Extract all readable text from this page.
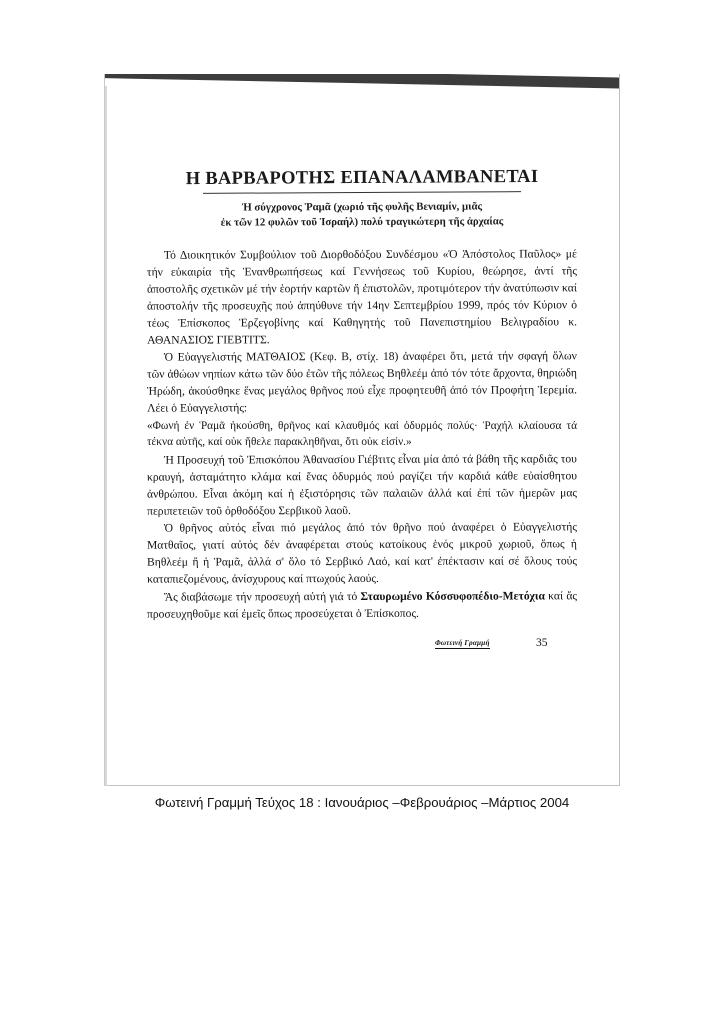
Η ΒΑΡΒΑΡΟΤΗΣ ΕΠΑΝΑΛΑΜΒΑΝΕΤΑΙ
Ἡ σύγχρονος Ῥαμᾶ (χωριό τῆς φυλῆς Βενιαμίν, μιᾶς
ἐκ τῶν 12 φυλῶν τοῦ Ἰσραήλ) πολύ τραγικώτερη τῆς ἀρχαίας

Τό Διοικητικόν Συμβούλιον τοῦ Διορθοδόξου Συνδέσμου «Ὁ Ἀπόστολος Παῦλος» μέ τήν εὐκαιρία τῆς Ἐνανθρωπήσεως καί Γεννήσεως τοῦ Κυρίου, θεώρησε, ἀντί τῆς ἀποστολῆς σχετικῶν μέ τήν ἑορτήν καρτῶν ἤ ἐπιστολῶν, προτιμότερον τήν ἀνατύπωσιν καί ἀποστολήν τῆς προσευχῆς πού ἀπηύθυνε τήν 14ην Σεπτεμβρίου 1999, πρός τόν Κύριον ὁ τέως Ἐπίσκοπος Ἑρζεγοβίνης καί Καθηγητής τοῦ Πανεπιστημίου Βελιγραδίου κ. ΑΘΑΝΑΣΙΟΣ ΓΙΕΒΤΙΤΣ.

Ὁ Εὐαγγελιστής ΜΑΤΘΑΙΟΣ (Κεφ. Β, στίχ. 18) ἀναφέρει ὅτι, μετά τήν σφαγή ὅλων τῶν ἀθώων νηπίων κάτω τῶν δύο ἐτῶν τῆς πόλεως Βηθλεέμ ἀπό τόν τότε ἄρχοντα, θηριώδη Ἡρώδη, ἀκούσθηκε ἕνας μεγάλος θρῆνος πού εἶχε προφητευθῆ ἀπό τόν Προφήτη Ἱερεμία. Λέει ὁ Εὐαγγελιστής:

«Φωνή ἐν Ῥαμᾶ ἠκούσθη, θρῆνος καί κλαυθμός καί ὀδυρμός πολύς· Ῥαχήλ κλαίουσα τά τέκνα αὐτῆς, καί οὐκ ἤθελε παρακληθῆναι, ὅτι οὐκ εἰσίν.»

Ἡ Προσευχή τοῦ Ἐπισκόπου Ἀθανασίου Γιέβτιτς εἶναι μία ἀπό τά βάθη τῆς καρδιᾶς του κραυγή, ἀσταμάτητο κλάμα καί ἕνας ὀδυρμός πού ραγίζει τήν καρδιά κάθε εὐαίσθητου ἀνθρώπου. Εἶναι ἀκόμη καί ἡ ἐξιστόρησις τῶν παλαιῶν ἀλλά καί ἐπί τῶν ἡμερῶν μας περιπετειῶν τοῦ ὀρθοδόξου Σερβικοῦ λαοῦ.

Ὁ θρῆνος αὐτός εἶναι πιό μεγάλος ἀπό τόν θρῆνο πού ἀναφέρει ὁ Εὐαγγελιστής Ματθαῖος, γιατί αὐτός δέν ἀναφέρεται στούς κατοίκους ἑνός μικροῦ χωριοῦ, ὅπως ἡ Βηθλεέμ ἤ ἡ Ῥαμᾶ, ἀλλά σ' ὅλο τό Σερβικό Λαό, καί κατ' ἐπέκτασιν καί σέ ὅλους τούς καταπιεζομένους, ἀνίσχυρους καί πτωχούς λαούς.

Ἄς διαβάσωμε τήν προσευχή αὐτή γιά τό Σταυρωμένο Κόσσυφοπέδιο-Μετόχια καί ἄς προσευχηθοῦμε καί ἐμεῖς ὅπως προσεύχεται ὁ Ἐπίσκοπος.

Φωτεινή Γραμμή	35
Φωτεινή Γραμμή Τεύχος 18 : Ιανουάριος –Φεβρουάριος –Μάρτιος 2004
